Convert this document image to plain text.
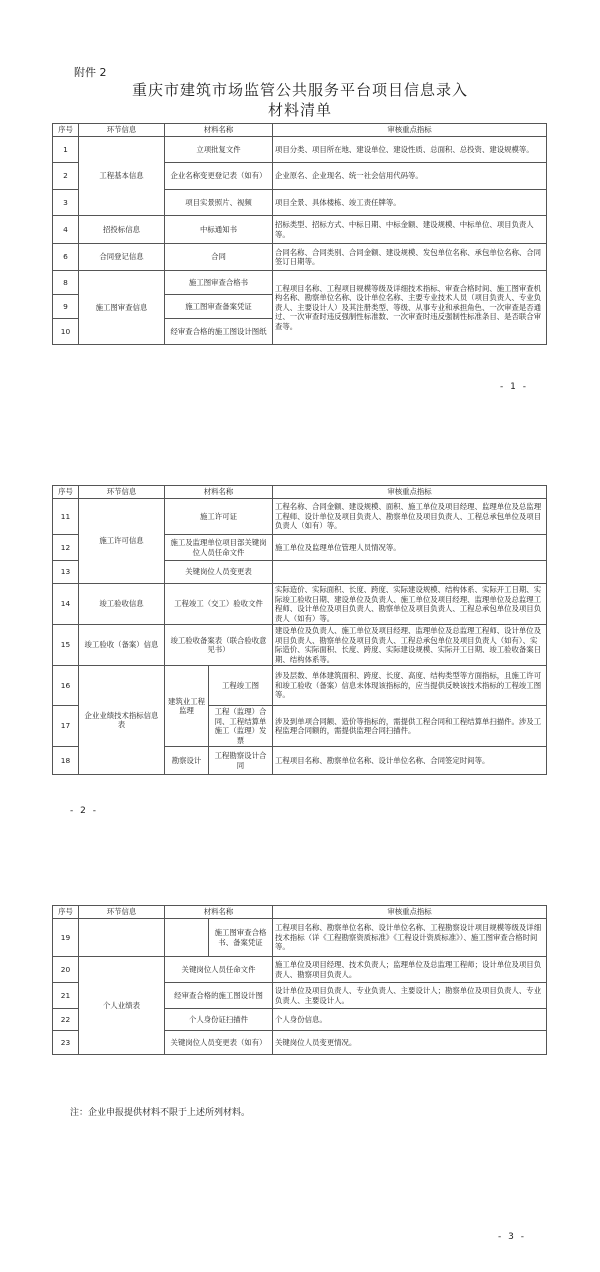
附件 2
重庆市建筑市场监管公共服务平台项目信息录入
材料清单
序号	环节信息	材料名称	审核重点指标
1	工程基本信息	立项批复文件	项目分类、项目所在地、建设单位、建设性质、总面积、总投资、建设规模等。
2		企业名称变更登记表（如有）	企业原名、企业现名、统一社会信用代码等。
3		项目实景照片、视频	项目全景、具体楼栋、竣工责任牌等。
4	招投标信息	中标通知书	招标类型、招标方式、中标日期、中标金额、建设规模、中标单位、项目负责人等。
6	合同登记信息	合同	合同名称、合同类别、合同金额、建设规模、发包单位名称、承包单位名称、合同签订日期等。
8	施工图审查信息	施工图审查合格书	工程项目名称、工程项目规模等级及详细技术指标、审查合格时间、施工图审查机构名称、勘察单位名称、设计单位名称、主要专业技术人员（项目负责人、专业负责人、主要设计人）及其注册类型、等级、从事专业和承担角色、一次审查是否通过、一次审查时违反强制性标准数、一次审查时违反强制性标准条目、是否联合审查等。
9		施工图审查备案凭证	
10		经审查合格的施工图设计图纸	
- 1 -
序号	环节信息	材料名称		审核重点指标
11	施工许可信息	施工许可证		工程名称、合同金额、建设规模、面积、施工单位及项目经理、监理单位及总监理工程师、设计单位及项目负责人、勘察单位及项目负责人、工程总承包单位及项目负责人（如有）等。
12		施工及监理单位项目部关键岗位人员任命文件		施工单位及监理单位管理人员情况等。
13		关键岗位人员变更表		
14	竣工验收信息	工程竣工（交工）验收文件		实际造价、实际面积、长度、跨度、实际建设规模、结构体系、实际开工日期、实际竣工验收日期、建设单位及负责人、施工单位及项目经理、监理单位及总监理工程师、设计单位及项目负责人、勘察单位及项目负责人、工程总承包单位及项目负责人（如有）等。
15	竣工验收（备案）信息	竣工验收备案表（联合验收意见书）		建设单位及负责人、施工单位及项目经理、监理单位及总监理工程师、设计单位及项目负责人、勘察单位及项目负责人、工程总承包单位及项目负责人（如有）、实际造价、实际面积、长度、跨度、实际建设规模、实际开工日期、竣工验收备案日期、结构体系等。
16	企业业绩技术指标信息表	建筑业工程监理	工程竣工图	涉及层数、单体建筑面积、跨度、长度、高度、结构类型等方面指标，且施工许可和竣工验收（备案）信息未体现该指标的，应当提供反映该技术指标的工程竣工图等。
17			工程（监理）合同、工程结算单施工（监理）发票	涉及到单项合同额、造价等指标的，需提供工程合同和工程结算单扫描件。涉及工程监理合同额的，需提供监理合同扫描件。
18		勘察设计	工程勘察设计合同	工程项目名称、勘察单位名称、设计单位名称、合同签定时间等。
- 2 -
序号	环节信息	材料名称		审核重点指标
19			施工图审查合格书、备案凭证	工程项目名称、勘察单位名称、设计单位名称、工程勘察设计项目规模等级及详细技术指标（详《工程勘察资质标准》《工程设计资质标准》）、施工图审查合格时间等。
20	个人业绩表	关键岗位人员任命文件		施工单位及项目经理、技术负责人；监理单位及总监理工程师；设计单位及项目负责人、勘察项目负责人。
21		经审查合格的施工图设计图		设计单位及项目负责人、专业负责人、主要设计人；勘察单位及项目负责人、专业负责人、主要设计人。
22		个人身份证扫描件		个人身份信息。
23		关键岗位人员变更表（如有）		关键岗位人员变更情况。
注：企业申报提供材料不限于上述所列材料。
- 3 -
